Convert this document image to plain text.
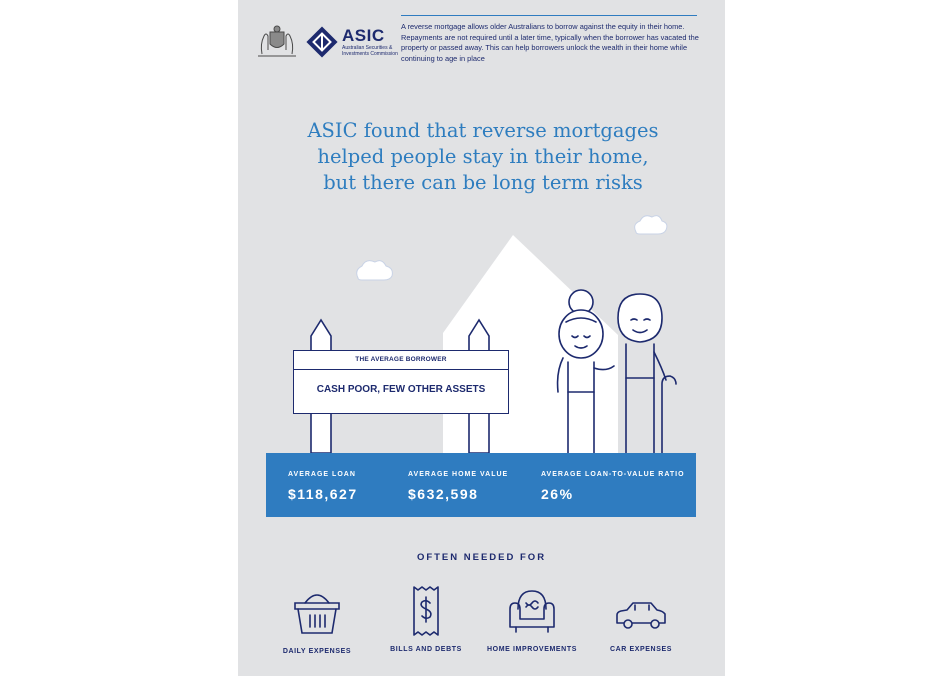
ASIC
Australian Securities & Investments Commission
A reverse mortgage allows older Australians to borrow against the equity in their home. Repayments are not required until a later time, typically when the borrower has vacated the property or passed away. This can help borrowers unlock the wealth in their home while continuing to age in place
ASIC found that reverse mortgages helped people stay in their home, but there can be long term risks
THE AVERAGE BORROWER
CASH POOR, FEW OTHER ASSETS
AVERAGE LOAN
$118,627
AVERAGE HOME VALUE
$632,598
AVERAGE LOAN-TO-VALUE RATIO
26%
OFTEN NEEDED FOR
DAILY EXPENSES	BILLS AND DEBTS	HOME IMPROVEMENTS	CAR EXPENSES
